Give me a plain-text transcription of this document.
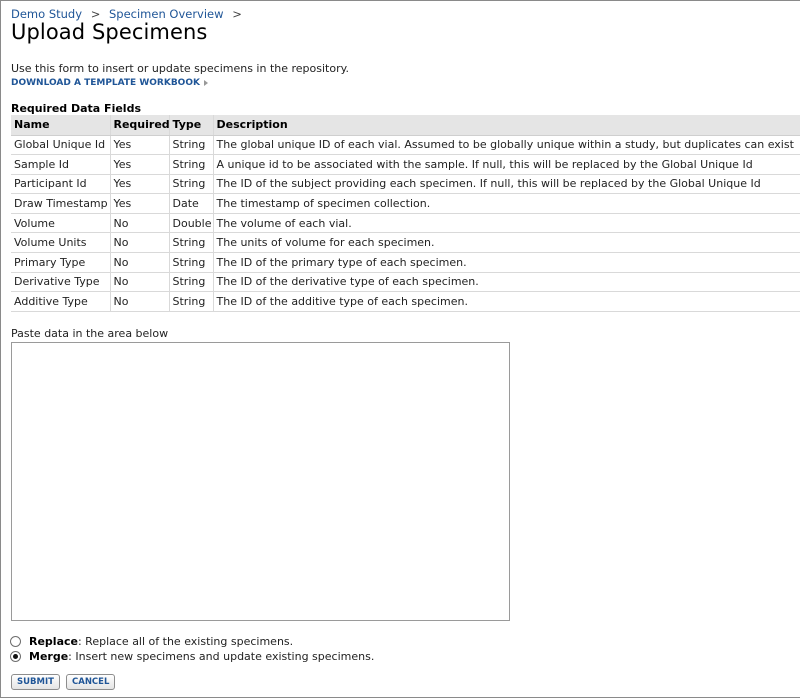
Demo Study > Specimen Overview >
Upload Specimens
Use this form to insert or update specimens in the repository.
DOWNLOAD A TEMPLATE WORKBOOK
Required Data Fields
Name	Required	Type	Description
Global Unique Id	Yes	String	The global unique ID of each vial. Assumed to be globally unique within a study, but duplicates can exist
Sample Id	Yes	String	A unique id to be associated with the sample. If null, this will be replaced by the Global Unique Id
Participant Id	Yes	String	The ID of the subject providing each specimen. If null, this will be replaced by the Global Unique Id
Draw Timestamp	Yes	Date	The timestamp of specimen collection.
Volume	No	Double	The volume of each vial.
Volume Units	No	String	The units of volume for each specimen.
Primary Type	No	String	The ID of the primary type of each specimen.
Derivative Type	No	String	The ID of the derivative type of each specimen.
Additive Type	No	String	The ID of the additive type of each specimen.
Paste data in the area below
Replace: Replace all of the existing specimens.
Merge: Insert new specimens and update existing specimens.
SUBMIT	CANCEL
